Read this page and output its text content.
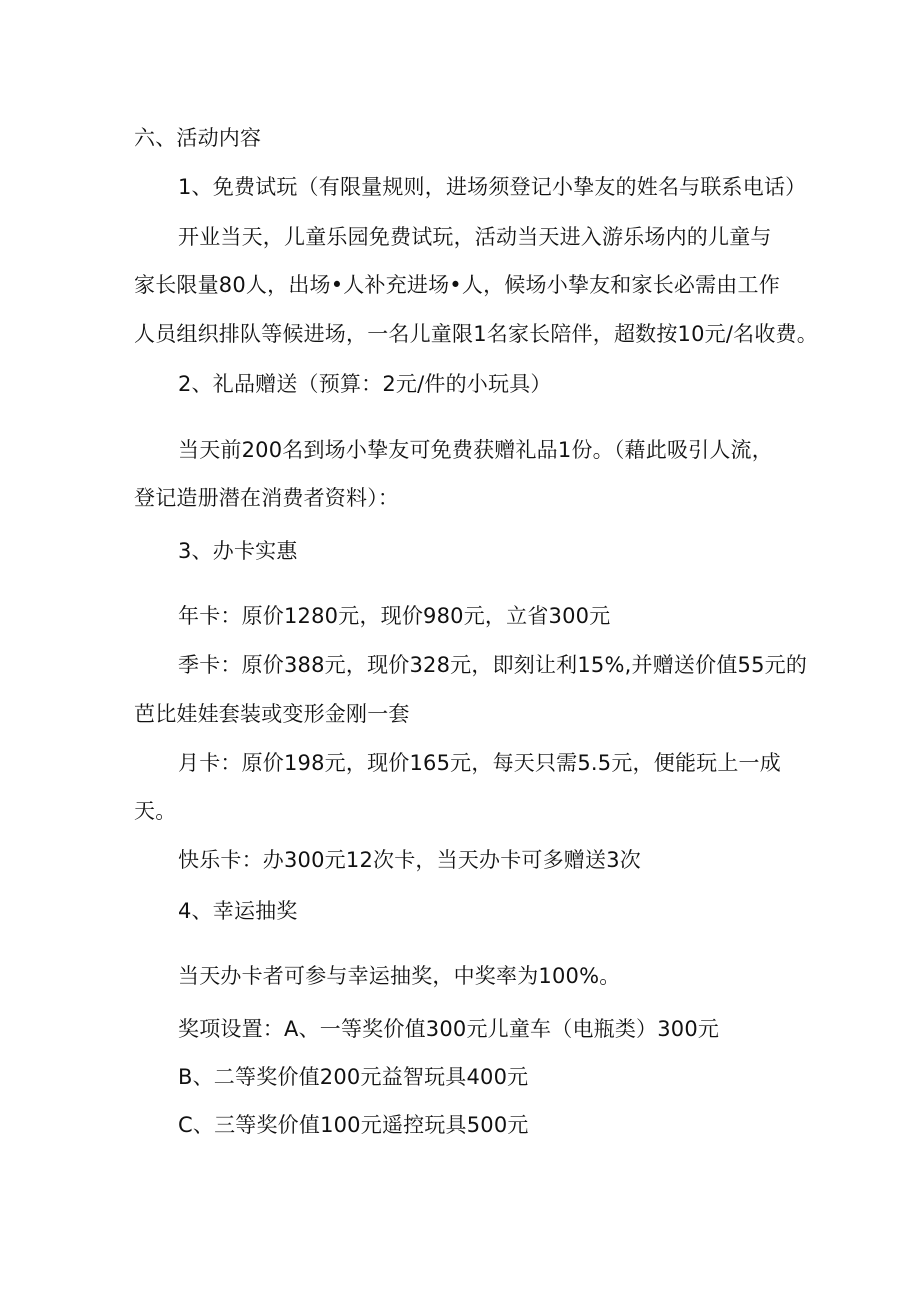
六、活动内容
1、免费试玩（有限量规则，进场须登记小挚友的姓名与联系电话）
开业当天，儿童乐园免费试玩，活动当天进入游乐场内的儿童与
家长限量80人，出场•人补充进场•人，候场小挚友和家长必需由工作
人员组织排队等候进场，一名儿童限1名家长陪伴，超数按10元/名收费。
2、礼品赠送（预算：2元/件的小玩具）
当天前200名到场小挚友可免费获赠礼品1份。（藉此吸引人流，
登记造册潜在消费者资料）：
3、办卡实惠
年卡：原价1280元，现价980元，立省300元
季卡：原价388元，现价328元，即刻让利15%,并赠送价值55元的
芭比娃娃套装或变形金刚一套
月卡：原价198元，现价165元，每天只需5.5元，便能玩上一成
天。
快乐卡：办300元12次卡，当天办卡可多赠送3次
4、幸运抽奖
当天办卡者可参与幸运抽奖，中奖率为100%。
奖项设置：A、一等奖价值300元儿童车（电瓶类）300元
B、二等奖价值200元益智玩具400元
C、三等奖价值100元遥控玩具500元
